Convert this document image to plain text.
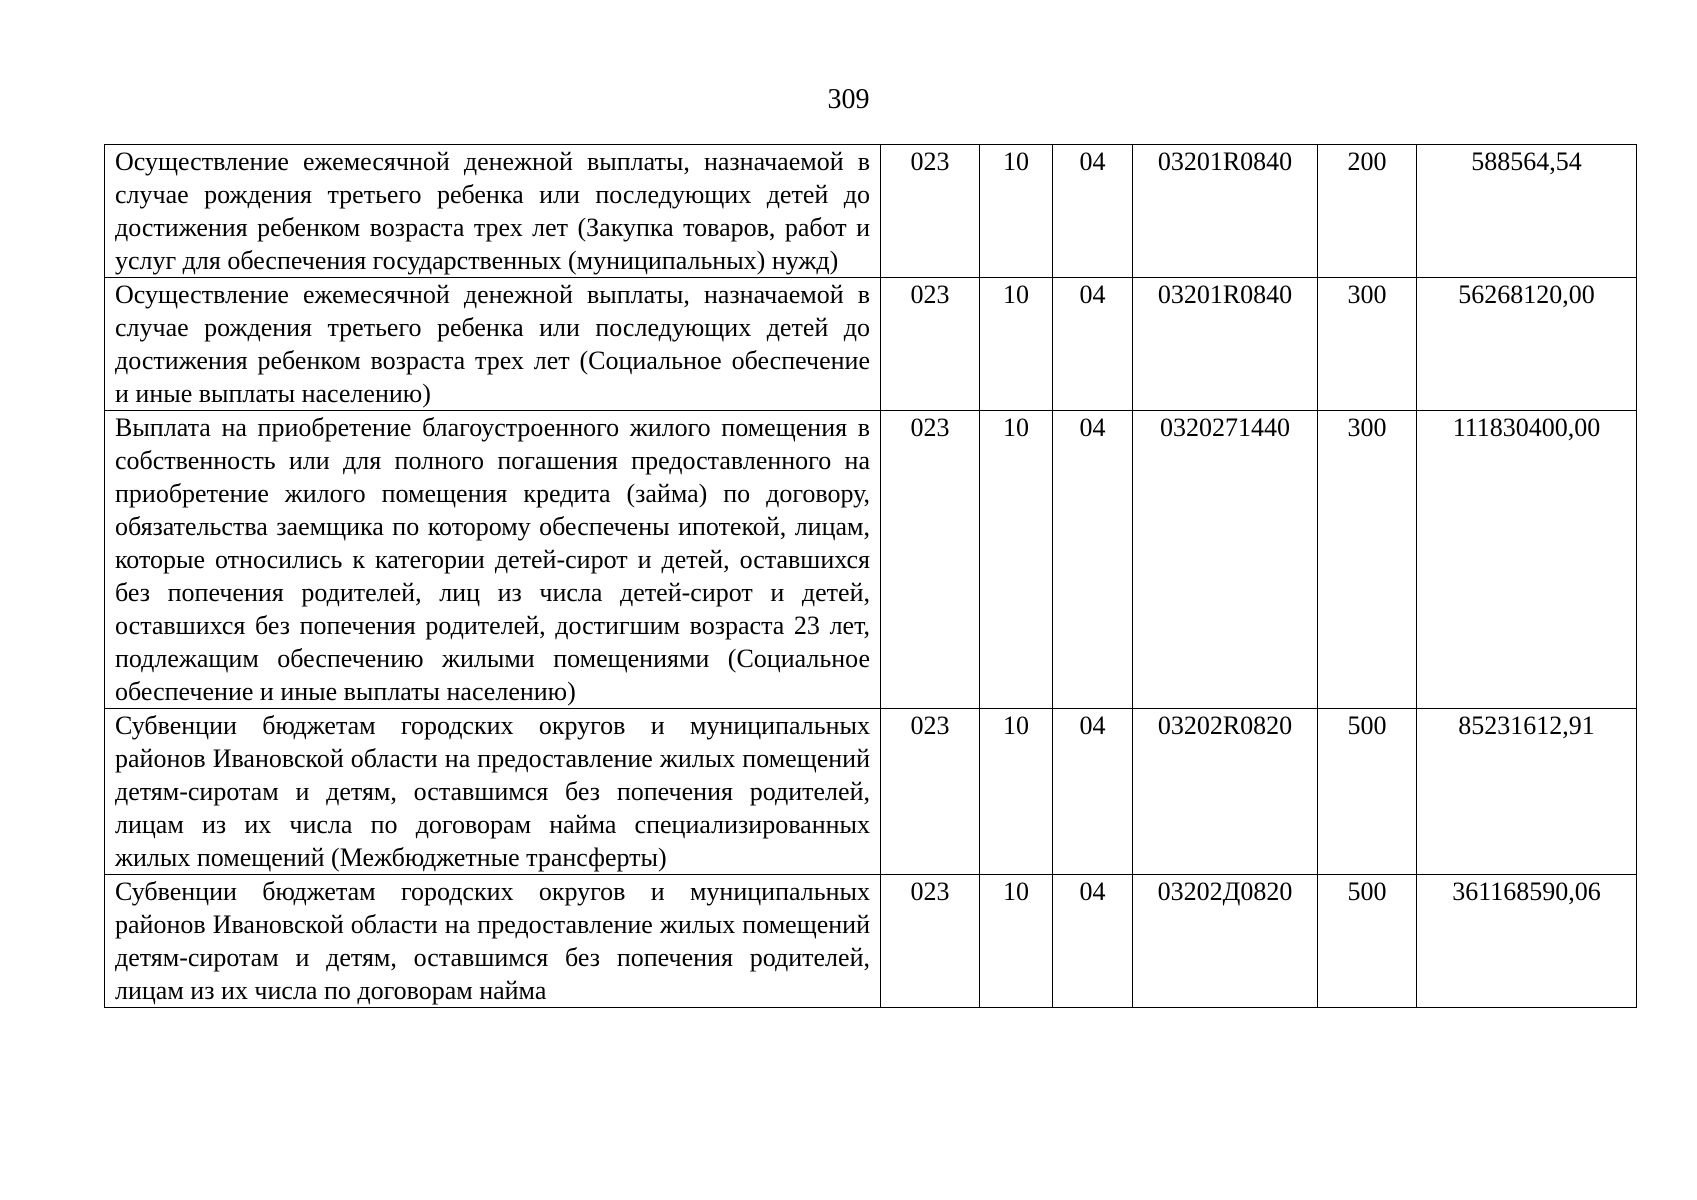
309
Осуществление ежемесячной денежной выплаты, назначаемой в случае рождения третьего ребенка или последующих детей до достижения ребенком возраста трех лет (Закупка товаров, работ и услуг для обеспечения государственных (муниципальных) нужд)	023	10	04	03201R0840	200	588564,54

Осуществление ежемесячной денежной выплаты, назначаемой в случае рождения третьего ребенка или последующих детей до достижения ребенком возраста трех лет (Социальное обеспечение и иные выплаты населению)	023	10	04	03201R0840	300	56268120,00

Выплата на приобретение благоустроенного жилого помещения в собственность или для полного погашения предоставленного на приобретение жилого помещения кредита (займа) по договору, обязательства заемщика по которому обеспечены ипотекой, лицам, которые относились к категории детей-сирот и детей, оставшихся без попечения родителей, лиц из числа детей-сирот и детей, оставшихся без попечения родителей, достигшим возраста 23 лет, подлежащим обеспечению жилыми помещениями (Социальное обеспечение и иные выплаты населению)	023	10	04	0320271440	300	111830400,00

Субвенции бюджетам городских округов и муниципальных районов Ивановской области на предоставление жилых помещений детям-сиротам и детям, оставшимся без попечения родителей, лицам из их числа по договорам найма специализированных жилых помещений (Межбюджетные трансферты)	023	10	04	03202R0820	500	85231612,91

Субвенции бюджетам городских округов и муниципальных районов Ивановской области на предоставление жилых помещений детям-сиротам и детям, оставшимся без попечения родителей, лицам из их числа по договорам найма	023	10	04	03202Д0820	500	361168590,06
